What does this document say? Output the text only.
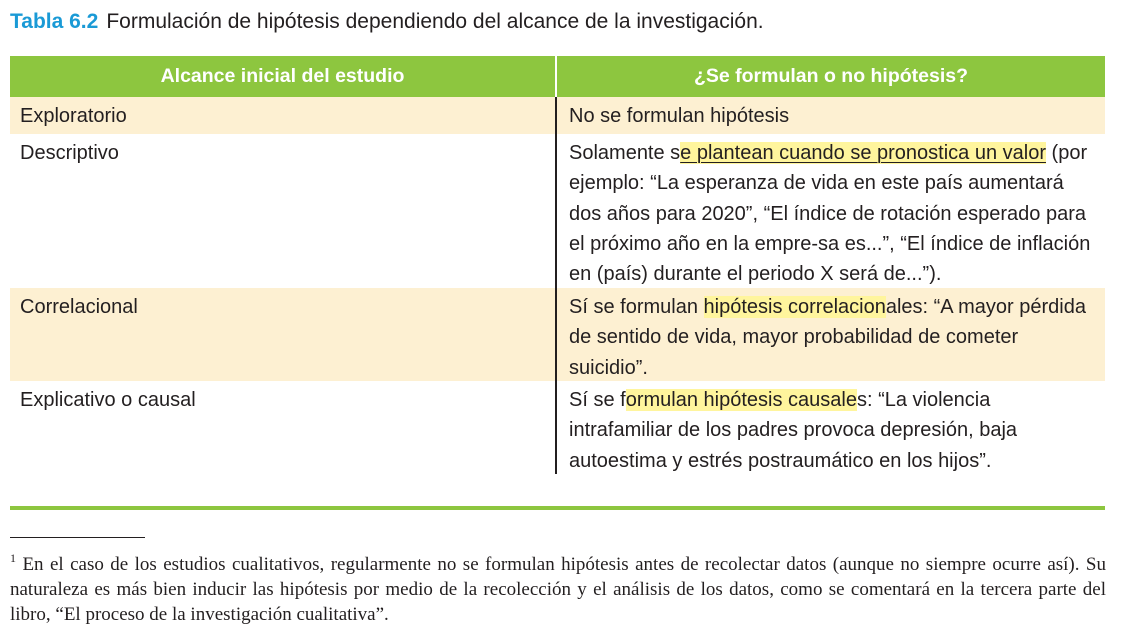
Tabla 6.2 Formulación de hipótesis dependiendo del alcance de la investigación.
Alcance inicial del estudio	¿Se formulan o no hipótesis?
Exploratorio	No se formulan hipótesis
Descriptivo	Solamente se plantean cuando se pronostica un valor (por ejemplo: “La esperanza de vida en este país aumentará dos años para 2020”, “El índice de rotación esperado para el próximo año en la empre-sa es...”, “El índice de inflación en (país) durante el periodo X será de...”).
Correlacional	Sí se formulan hipótesis correlacionales: “A mayor pérdida de sentido de vida, mayor probabilidad de cometer suicidio”.
Explicativo o causal	Sí se formulan hipótesis causales: “La violencia intrafamiliar de los padres provoca depresión, baja autoestima y estrés postraumático en los hijos”.
$^1$ En el caso de los estudios cualitativos, regularmente no se formulan hipótesis antes de recolectar datos (aunque no siempre ocurre así). Su naturaleza es más bien inducir las hipótesis por medio de la recolección y el análisis de los datos, como se comentará en la tercera parte del libro, “El proceso de la investigación cualitativa”.
